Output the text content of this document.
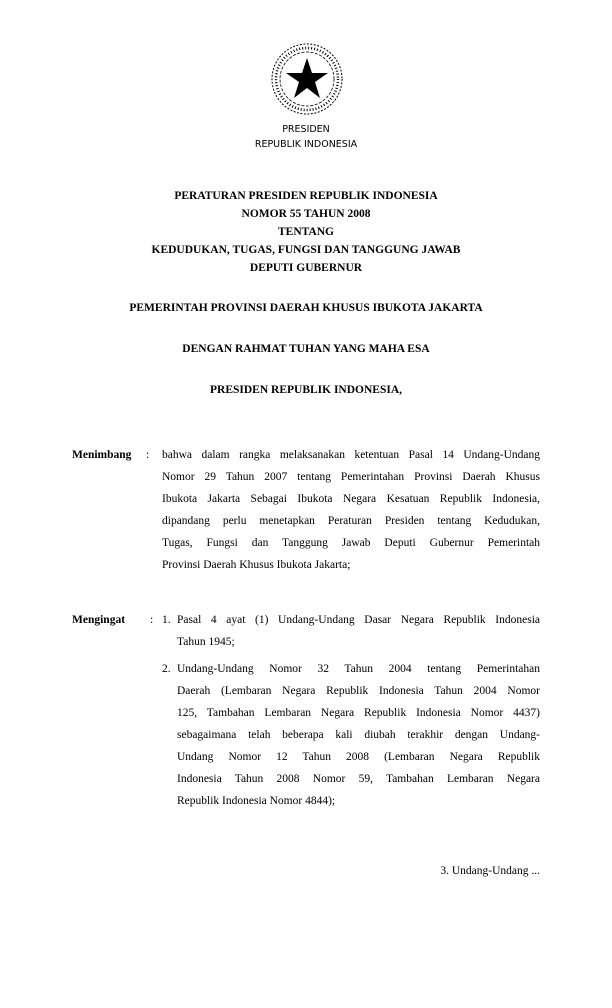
PRESIDEN
REPUBLIK INDONESIA
PERATURAN PRESIDEN REPUBLIK INDONESIA
NOMOR 55 TAHUN 2008
TENTANG
KEDUDUKAN, TUGAS, FUNGSI DAN TANGGUNG JAWAB
DEPUTI GUBERNUR
PEMERINTAH PROVINSI DAERAH KHUSUS IBUKOTA JAKARTA
DENGAN RAHMAT TUHAN YANG MAHA ESA
PRESIDEN REPUBLIK INDONESIA,
Menimbang : bahwa dalam rangka melaksanakan ketentuan Pasal 14 Undang-Undang
Nomor 29 Tahun 2007 tentang Pemerintahan Provinsi Daerah Khusus
Ibukota Jakarta Sebagai Ibukota Negara Kesatuan Republik Indonesia,
dipandang perlu menetapkan Peraturan Presiden tentang Kedudukan,
Tugas, Fungsi dan Tanggung Jawab Deputi Gubernur Pemerintah
Provinsi Daerah Khusus Ibukota Jakarta;
Mengingat : 1. Pasal 4 ayat (1) Undang-Undang Dasar Negara Republik Indonesia
Tahun 1945;
2. Undang-Undang Nomor 32 Tahun 2004 tentang Pemerintahan
Daerah (Lembaran Negara Republik Indonesia Tahun 2004 Nomor
125, Tambahan Lembaran Negara Republik Indonesia Nomor 4437)
sebagaimana telah beberapa kali diubah terakhir dengan Undang-
Undang Nomor 12 Tahun 2008 (Lembaran Negara Republik
Indonesia Tahun 2008 Nomor 59, Tambahan Lembaran Negara
Republik Indonesia Nomor 4844);
3. Undang-Undang ...
